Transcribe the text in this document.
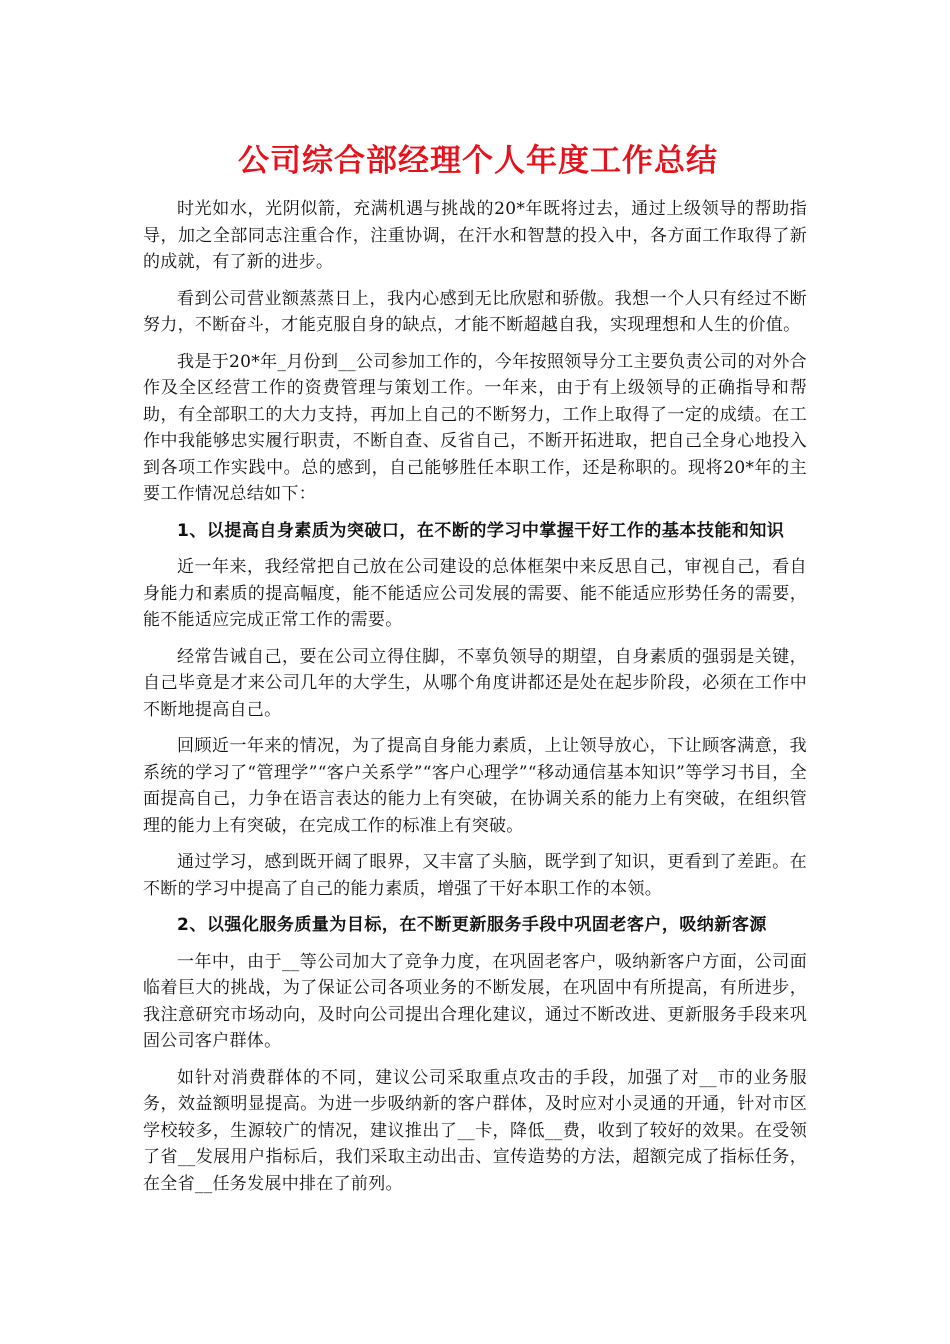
公司综合部经理个人年度工作总结

时光如水，光阴似箭，充满机遇与挑战的20*年既将过去，通过上级领导的帮助指导，加之全部同志注重合作，注重协调，在汗水和智慧的投入中，各方面工作取得了新的成就，有了新的进步。

看到公司营业额蒸蒸日上，我内心感到无比欣慰和骄傲。我想一个人只有经过不断努力，不断奋斗，才能克服自身的缺点，才能不断超越自我，实现理想和人生的价值。

我是于20*年_月份到__公司参加工作的，今年按照领导分工主要负责公司的对外合作及全区经营工作的资费管理与策划工作。一年来，由于有上级领导的正确指导和帮助，有全部职工的大力支持，再加上自己的不断努力，工作上取得了一定的成绩。在工作中我能够忠实履行职责，不断自查、反省自己，不断开拓进取，把自己全身心地投入到各项工作实践中。总的感到，自己能够胜任本职工作，还是称职的。现将20*年的主要工作情况总结如下：

1、以提高自身素质为突破口，在不断的学习中掌握干好工作的基本技能和知识

近一年来，我经常把自己放在公司建设的总体框架中来反思自己，审视自己，看自身能力和素质的提高幅度，能不能适应公司发展的需要、能不能适应形势任务的需要，能不能适应完成正常工作的需要。

经常告诫自己，要在公司立得住脚，不辜负领导的期望，自身素质的强弱是关键，自己毕竟是才来公司几年的大学生，从哪个角度讲都还是处在起步阶段，必须在工作中不断地提高自己。

回顾近一年来的情况，为了提高自身能力素质，上让领导放心，下让顾客满意，我系统的学习了“管理学”“客户关系学”“客户心理学”“移动通信基本知识”等学习书目，全面提高自己，力争在语言表达的能力上有突破，在协调关系的能力上有突破，在组织管理的能力上有突破，在完成工作的标准上有突破。

通过学习，感到既开阔了眼界，又丰富了头脑，既学到了知识，更看到了差距。在不断的学习中提高了自己的能力素质，增强了干好本职工作的本领。

2、以强化服务质量为目标，在不断更新服务手段中巩固老客户，吸纳新客源

一年中，由于__等公司加大了竞争力度，在巩固老客户，吸纳新客户方面，公司面临着巨大的挑战，为了保证公司各项业务的不断发展，在巩固中有所提高，有所进步，我注意研究市场动向，及时向公司提出合理化建议，通过不断改进、更新服务手段来巩固公司客户群体。

如针对消费群体的不同，建议公司采取重点攻击的手段，加强了对__市的业务服务，效益额明显提高。为进一步吸纳新的客户群体，及时应对小灵通的开通，针对市区学校较多，生源较广的情况，建议推出了__卡，降低__费，收到了较好的效果。在受领了省__发展用户指标后，我们采取主动出击、宣传造势的方法，超额完成了指标任务，在全省__任务发展中排在了前列。
